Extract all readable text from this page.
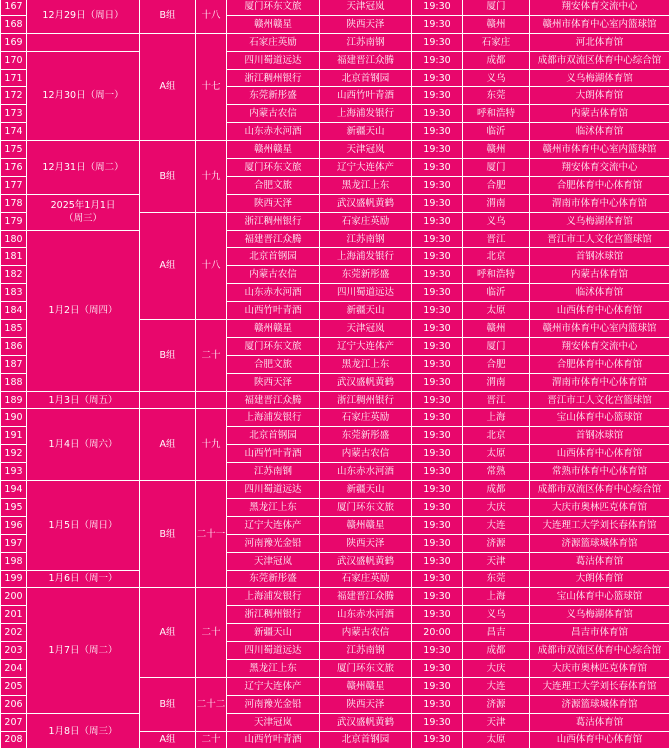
167	12月29日（周日）	B组	十八	厦门环东文旅	天津冠岚	19:30	厦门	翔安体育交流中心
168				赣州赣星	陕西天泽	19:30	赣州	赣州市体育中心室内篮球馆
169		A组	十七	石家庄英励	江苏南钢	19:30	石家庄	河北体育馆
170	12月30日（周一）			四川蜀道远达	福建晋江众腾	19:30	成都	成都市双流区体育中心综合馆
171				浙江稠州银行	北京首钢园	19:30	义乌	义乌梅湖体育馆
172				东莞新彤盛	山西竹叶青酒	19:30	东莞	大朗体育馆
173				内蒙古农信	上海浦发银行	19:30	呼和浩特	内蒙古体育馆
174				山东赤水河酒	新疆天山	19:30	临沂	临沭体育馆
175	12月31日（周二）	B组	十九	赣州赣星	天津冠岚	19:30	赣州	赣州市体育中心室内篮球馆
176				厦门环东文旅	辽宁大连体产	19:30	厦门	翔安体育交流中心
177				合肥文旅	黑龙江上东	19:30	合肥	合肥体育中心体育馆
178	2025年1月1日
（周三）			陕西天泽	武汉盛帆黄鹤	19:30	渭南	渭南市体育中心体育馆
179		A组	十八	浙江稠州银行	石家庄英励	19:30	义乌	义乌梅湖体育馆
180	1月2日（周四）			福建晋江众腾	江苏南钢	19:30	晋江	晋江市工人文化宫篮球馆
181				北京首钢园	上海浦发银行	19:30	北京	首钢冰球馆
182				内蒙古农信	东莞新彤盛	19:30	呼和浩特	内蒙古体育馆
183				山东赤水河酒	四川蜀道远达	19:30	临沂	临沭体育馆
184				山西竹叶青酒	新疆天山	19:30	太原	山西体育中心体育馆
185		B组	二十	赣州赣星	天津冠岚	19:30	赣州	赣州市体育中心室内篮球馆
186				厦门环东文旅	辽宁大连体产	19:30	厦门	翔安体育交流中心
187				合肥文旅	黑龙江上东	19:30	合肥	合肥体育中心体育馆
188				陕西天泽	武汉盛帆黄鹤	19:30	渭南	渭南市体育中心体育馆
189	1月3日（周五）			福建晋江众腾	浙江稠州银行	19:30	晋江	晋江市工人文化宫篮球馆
190	1月4日（周六）	A组	十九	上海浦发银行	石家庄英励	19:30	上海	宝山体育中心篮球馆
191				北京首钢园	东莞新彤盛	19:30	北京	首钢冰球馆
192				山西竹叶青酒	内蒙古农信	19:30	太原	山西体育中心体育馆
193				江苏南钢	山东赤水河酒	19:30	常熟	常熟市体育中心体育馆
194	1月5日（周日）	B组	二十一	四川蜀道远达	新疆天山	19:30	成都	成都市双流区体育中心综合馆
195				黑龙江上东	厦门环东文旅	19:30	大庆	大庆市奥林匹克体育馆
196				辽宁大连体产	赣州赣星	19:30	大连	大连理工大学刘长春体育馆
197				河南豫光金铅	陕西天泽	19:30	济源	济源篮球城体育馆
198				天津冠岚	武汉盛帆黄鹤	19:30	天津	葛沽体育馆
199	1月6日（周一）			东莞新彤盛	石家庄英励	19:30	东莞	大朗体育馆
200	1月7日（周二）	A组	二十	上海浦发银行	福建晋江众腾	19:30	上海	宝山体育中心篮球馆
201				浙江稠州银行	山东赤水河酒	19:30	义乌	义乌梅湖体育馆
202				新疆天山	内蒙古农信	20:00	昌吉	昌吉市体育馆
203				四川蜀道远达	江苏南钢	19:30	成都	成都市双流区体育中心综合馆
204				黑龙江上东	厦门环东文旅	19:30	大庆	大庆市奥林匹克体育馆
205		B组	二十二	辽宁大连体产	赣州赣星	19:30	大连	大连理工大学刘长春体育馆
206				河南豫光金铅	陕西天泽	19:30	济源	济源篮球城体育馆
207	1月8日（周三）			天津冠岚	武汉盛帆黄鹤	19:30	天津	葛沽体育馆
208		A组	二十	山西竹叶青酒	北京首钢园	19:30	太原	山西体育中心体育馆
